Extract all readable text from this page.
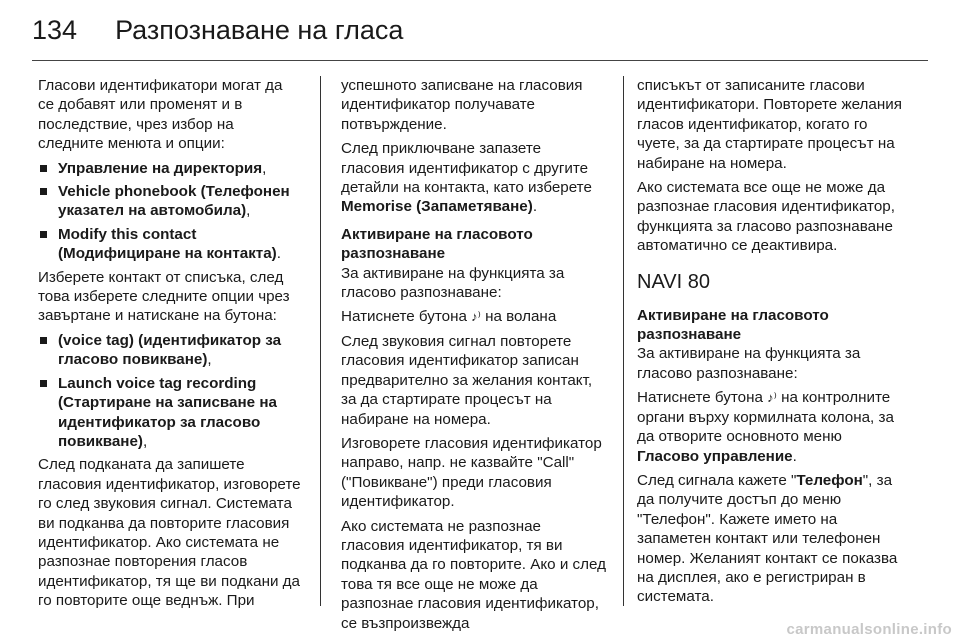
134 Разпознаване на гласа

Гласови идентификатори могат да се добавят или променят и в последствие, чрез избор на следните менюта и опции:

Управление на директория,
Vehicle phonebook (Телефонен указател на автомобила),
Modify this contact (Модифициране на контакта).

Изберете контакт от списъка, след това изберете следните опции чрез завъртане и натискане на бутона:

(voice tag) (идентификатор за гласово повикване),
Launch voice tag recording (Стартиране на записване на идентификатор за гласово повикване),

След подканата да запишете гласовия идентификатор, изговорете го след звуковия сигнал. Системата ви подканва да повторите гласовия идентификатор. Ако системата не разпознае повторения гласов идентификатор, тя ще ви подкани да го повторите още веднъж. При

успешното записване на гласовия идентификатор получавате потвърждение.

След приключване запазете гласовия идентификатор с другите детайли на контакта, като изберете Memorise (Запаметяване).

Активиране на гласовото разпознаване

За активиране на функцията за гласово разпознаване:

Натиснете бутона ♪⁾ на волана

След звуковия сигнал повторете гласовия идентификатор записан предварително за желания контакт, за да стартирате процесът на набиране на номера.

Изговорете гласовия идентификатор направо, напр. не казвайте "Call" ("Повикване") преди гласовия идентификатор.

Ако системата не разпознае гласовия идентификатор, тя ви подканва да го повторите. Ако и след това тя все още не може да разпознае гласовия идентификатор, се възпроизвежда

списъкът от записаните гласови идентификатори. Повторете желания гласов идентификатор, когато го чуете, за да стартирате процесът на набиране на номера.

Ако системата все още не може да разпознае гласовия идентификатор, функцията за гласово разпознаване автоматично се деактивира.

NAVI 80

Активиране на гласовото разпознаване

За активиране на функцията за гласово разпознаване:

Натиснете бутона ♪⁾ на контролните органи върху кормилната колона, за да отворите основното меню Гласово управление.

След сигнала кажете "Телефон", за да получите достъп до меню "Телефон". Кажете името на запаметен контакт или телефонен номер. Желаният контакт се показва на дисплея, ако е регистриран в системата.

carmanualsonline.info
